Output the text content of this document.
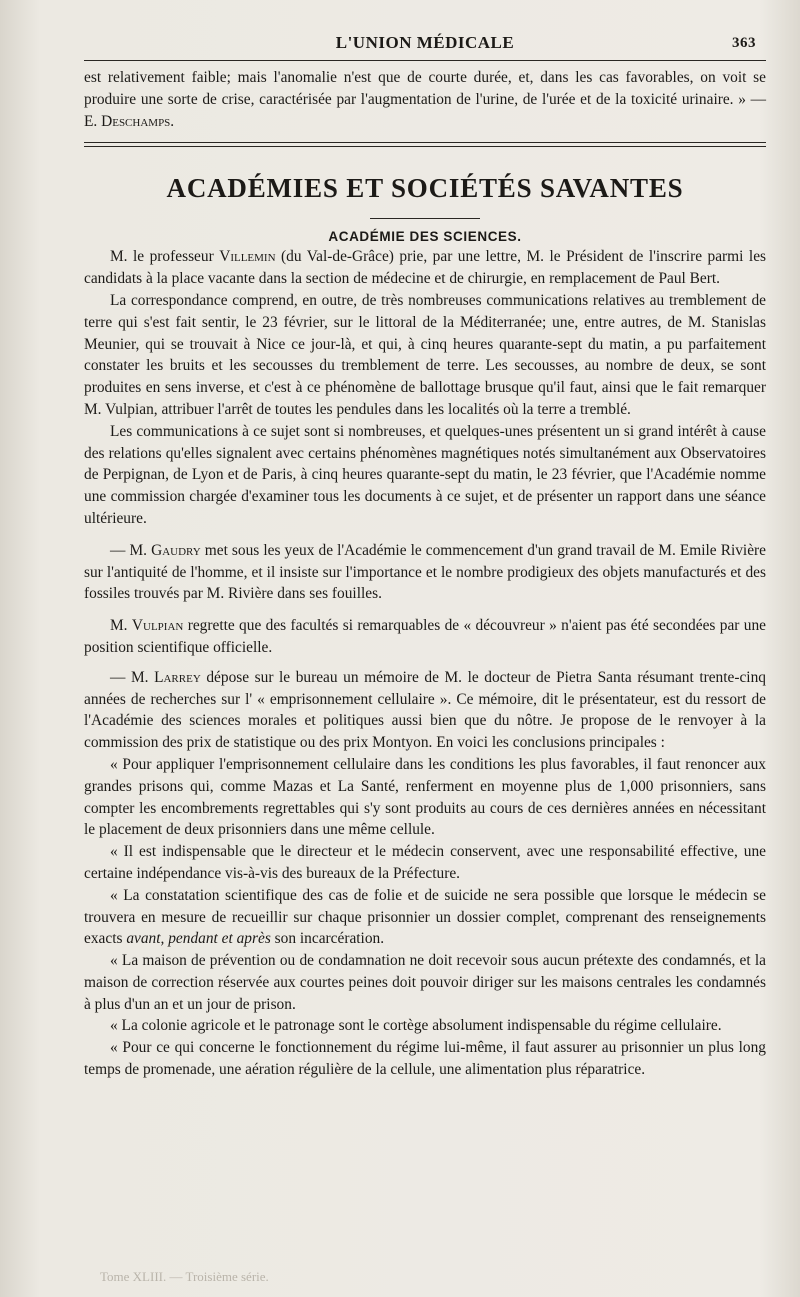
L'UNION MÉDICALE	363

est relativement faible; mais l'anomalie n'est que de courte durée, et, dans les cas favorables, on voit se produire une sorte de crise, caractérisée par l'augmentation de l'urine, de l'urée et de la toxicité urinaire. » — E. Deschamps.

ACADÉMIES ET SOCIÉTÉS SAVANTES
ACADÉMIE DES SCIENCES.

M. le professeur Villemin (du Val-de-Grâce) prie, par une lettre, M. le Président de l'inscrire parmi les candidats à la place vacante dans la section de médecine et de chirurgie, en remplacement de Paul Bert.

La correspondance comprend, en outre, de très nombreuses communications relatives au tremblement de terre qui s'est fait sentir, le 23 février, sur le littoral de la Méditerranée; une, entre autres, de M. Stanislas Meunier, qui se trouvait à Nice ce jour-là, et qui, à cinq heures quarante-sept du matin, a pu parfaitement constater les bruits et les secousses du tremblement de terre. Les secousses, au nombre de deux, se sont produites en sens inverse, et c'est à ce phénomène de ballottage brusque qu'il faut, ainsi que le fait remarquer M. Vulpian, attribuer l'arrêt de toutes les pendules dans les localités où la terre a tremblé.

Les communications à ce sujet sont si nombreuses, et quelques-unes présentent un si grand intérêt à cause des relations qu'elles signalent avec certains phénomènes magnétiques notés simultanément aux Observatoires de Perpignan, de Lyon et de Paris, à cinq heures quarante-sept du matin, le 23 février, que l'Académie nomme une commission chargée d'examiner tous les documents à ce sujet, et de présenter un rapport dans une séance ultérieure.

— M. Gaudry met sous les yeux de l'Académie le commencement d'un grand travail de M. Emile Rivière sur l'antiquité de l'homme, et il insiste sur l'importance et le nombre prodigieux des objets manufacturés et des fossiles trouvés par M. Rivière dans ses fouilles.

M. Vulpian regrette que des facultés si remarquables de « découvreur » n'aient pas été secondées par une position scientifique officielle.

— M. Larrey dépose sur le bureau un mémoire de M. le docteur de Pietra Santa résumant trente-cinq années de recherches sur l' « emprisonnement cellulaire ». Ce mémoire, dit le présentateur, est du ressort de l'Académie des sciences morales et politiques aussi bien que du nôtre. Je propose de le renvoyer à la commission des prix de statistique ou des prix Montyon. En voici les conclusions principales :

« Pour appliquer l'emprisonnement cellulaire dans les conditions les plus favorables, il faut renoncer aux grandes prisons qui, comme Mazas et La Santé, renferment en moyenne plus de 1,000 prisonniers, sans compter les encombrements regrettables qui s'y sont produits au cours de ces dernières années en nécessitant le placement de deux prisonniers dans une même cellule.

« Il est indispensable que le directeur et le médecin conservent, avec une responsabilité effective, une certaine indépendance vis-à-vis des bureaux de la Préfecture.

« La constatation scientifique des cas de folie et de suicide ne sera possible que lorsque le médecin se trouvera en mesure de recueillir sur chaque prisonnier un dossier complet, comprenant des renseignements exacts avant, pendant et après son incarcération.

« La maison de prévention ou de condamnation ne doit recevoir sous aucun prétexte des condamnés, et la maison de correction réservée aux courtes peines doit pouvoir diriger sur les maisons centrales les condamnés à plus d'un an et un jour de prison.

« La colonie agricole et le patronage sont le cortège absolument indispensable du régime cellulaire.

« Pour ce qui concerne le fonctionnement du régime lui-même, il faut assurer au prisonnier un plus long temps de promenade, une aération régulière de la cellule, une alimentation plus réparatrice.

Tome XLIII. — Troisième série.
